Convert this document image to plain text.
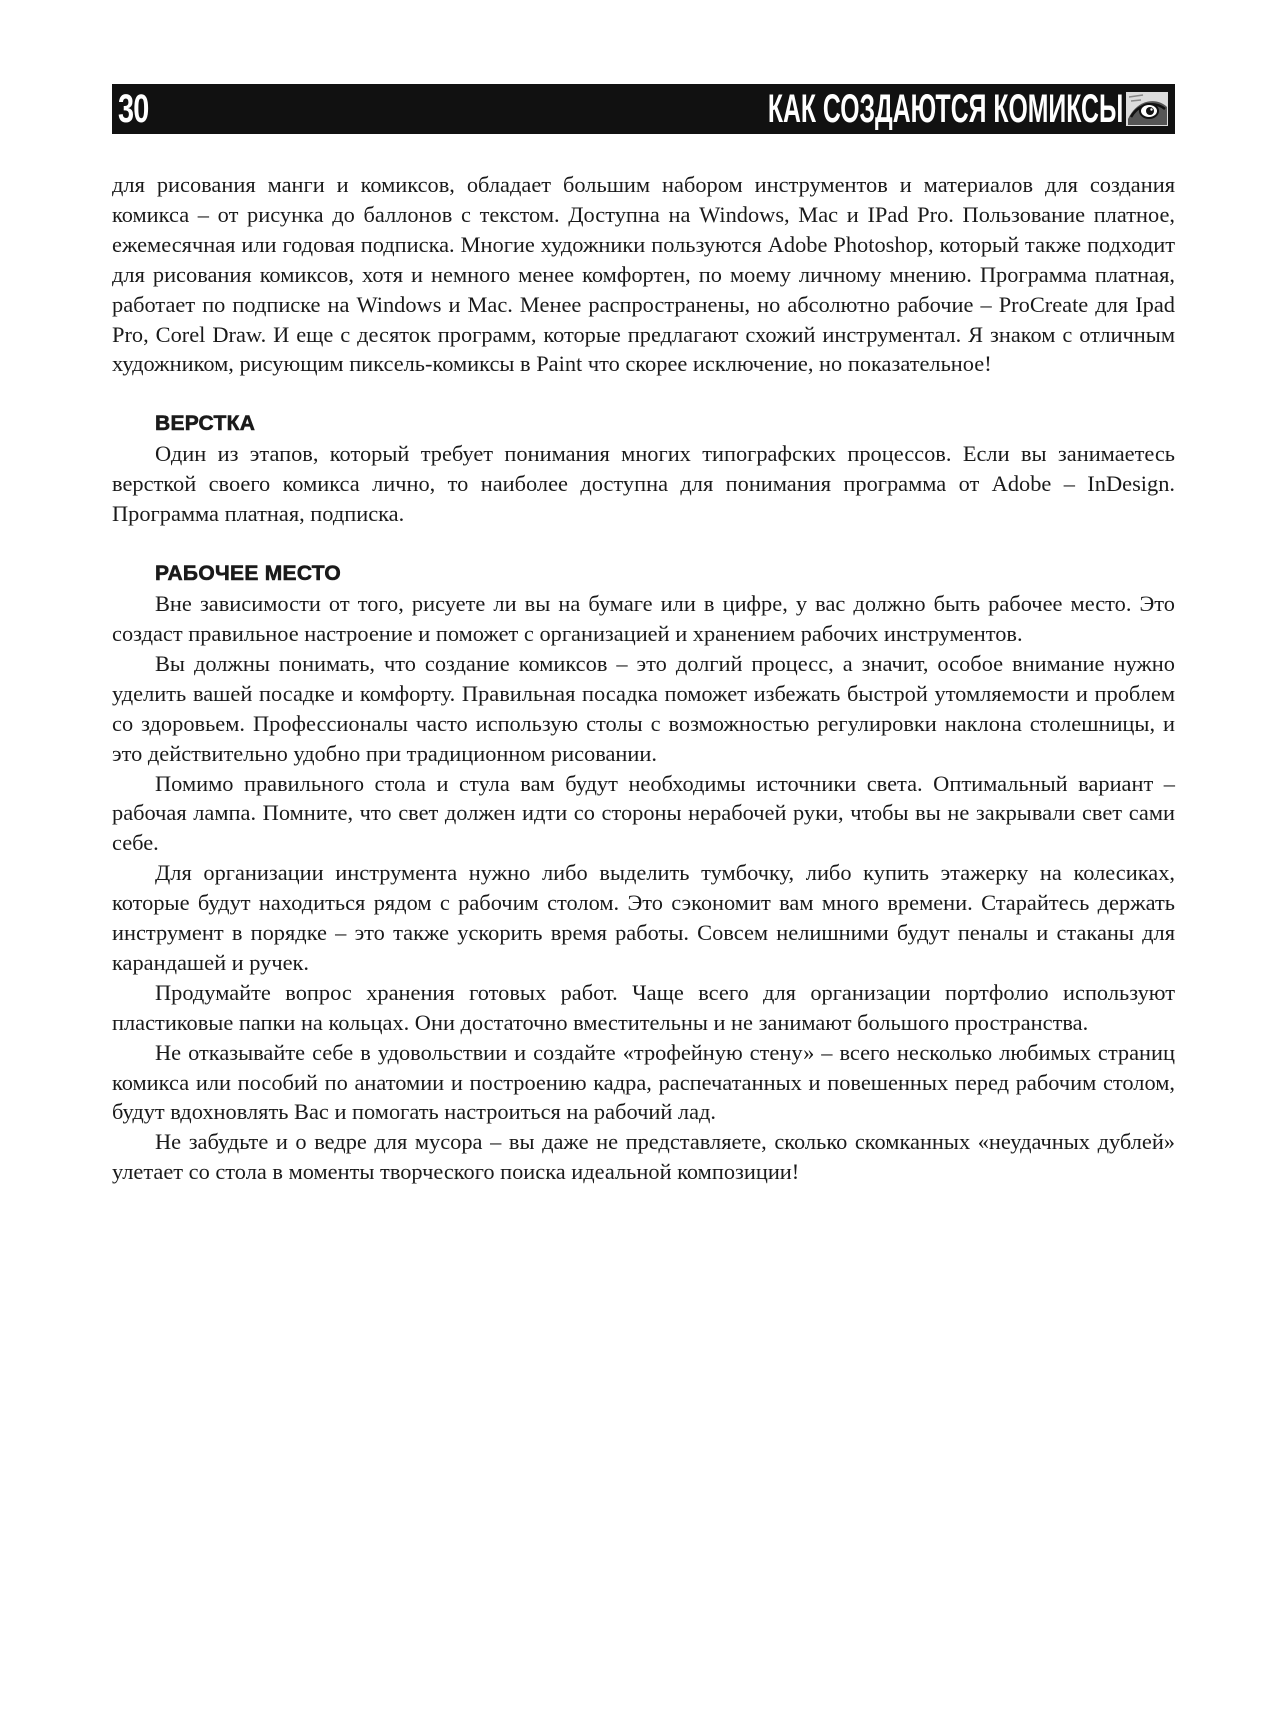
30	КАК СОЗДАЮТСЯ КОМИКСЫ

для рисования манги и комиксов, обладает большим набором инструментов и материалов для создания комикса – от рисунка до баллонов с текстом. Доступна на Windows, Mac и IPad Pro. Пользование платное, ежемесячная или годовая подписка. Многие художники пользуются Adobe Photoshop, который также подходит для рисования комиксов, хотя и немного менее комфортен, по моему личному мнению. Программа платная, работает по подписке на Windows и Mac. Менее распространены, но абсолютно рабочие – ProCreate для Ipad Pro, Corel Draw. И еще с десяток программ, которые предлагают схожий инструментал. Я знаком с отличным художником, рисующим пиксель-комиксы в Paint что скорее исключение, но показательное!

ВЕРСТКА

Один из этапов, который требует понимания многих типографских процессов. Если вы занимаетесь версткой своего комикса лично, то наиболее доступна для понимания программа от Adobe – InDesign. Программа платная, подписка.

РАБОЧЕЕ МЕСТО

Вне зависимости от того, рисуете ли вы на бумаге или в цифре, у вас должно быть рабочее место. Это создаст правильное настроение и поможет с организацией и хранением рабочих инструментов.

Вы должны понимать, что создание комиксов – это долгий процесс, а значит, особое внимание нужно уделить вашей посадке и комфорту. Правильная посадка поможет избежать быстрой утомляемости и проблем со здоровьем. Профессионалы часто использую столы с возможностью регулировки наклона столешницы, и это действительно удобно при традиционном рисовании.

Помимо правильного стола и стула вам будут необходимы источники света. Оптимальный вариант – рабочая лампа. Помните, что свет должен идти со стороны нерабочей руки, чтобы вы не закрывали свет сами себе.

Для организации инструмента нужно либо выделить тумбочку, либо купить этажерку на колесиках, которые будут находиться рядом с рабочим столом. Это сэкономит вам много времени. Старайтесь держать инструмент в порядке – это также ускорить время работы. Совсем нелишними будут пеналы и стаканы для карандашей и ручек.

Продумайте вопрос хранения готовых работ. Чаще всего для организации портфолио используют пластиковые папки на кольцах. Они достаточно вместительны и не занимают большого пространства.

Не отказывайте себе в удовольствии и создайте «трофейную стену» – всего несколько любимых страниц комикса или пособий по анатомии и построению кадра, распечатанных и повешенных перед рабочим столом, будут вдохновлять Вас и помогать настроиться на рабочий лад.

Не забудьте и о ведре для мусора – вы даже не представляете, сколько скомканных «неудачных дублей» улетает со стола в моменты творческого поиска идеальной композиции!
